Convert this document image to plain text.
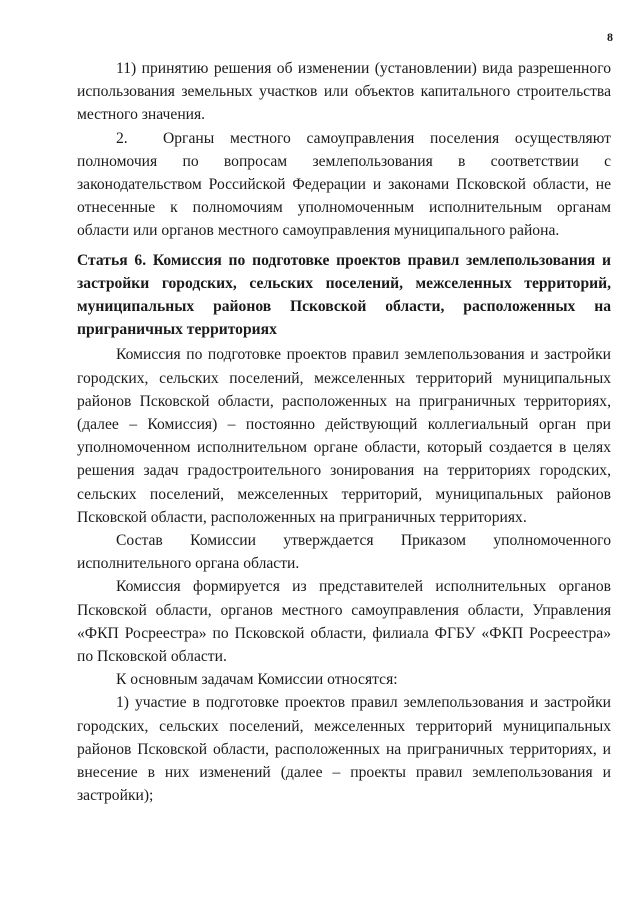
8

11) принятию решения об изменении (установлении) вида разрешенного использования земельных участков или объектов капитального строительства местного значения.

2. Органы местного самоуправления поселения осуществляют полномочия по вопросам землепользования в соответствии с законодательством Российской Федерации и законами Псковской области, не отнесенные к полномочиям уполномоченным исполнительным органам области или органов местного самоуправления муниципального района.

Статья 6. Комиссия по подготовке проектов правил землепользования и застройки городских, сельских поселений, межселенных территорий, муниципальных районов Псковской области, расположенных на приграничных территориях

Комиссия по подготовке проектов правил землепользования и застройки городских, сельских поселений, межселенных территорий муниципальных районов Псковской области, расположенных на приграничных территориях, (далее – Комиссия) – постоянно действующий коллегиальный орган при уполномоченном исполнительном органе области, который создается в целях решения задач градостроительного зонирования на территориях городских, сельских поселений, межселенных территорий, муниципальных районов Псковской области, расположенных на приграничных территориях.

Состав Комиссии утверждается Приказом уполномоченного исполнительного органа области.

Комиссия формируется из представителей исполнительных органов Псковской области, органов местного самоуправления области, Управления «ФКП Росреестра» по Псковской области, филиала ФГБУ «ФКП Росреестра» по Псковской области.

К основным задачам Комиссии относятся:

1) участие в подготовке проектов правил землепользования и застройки городских, сельских поселений, межселенных территорий муниципальных районов Псковской области, расположенных на приграничных территориях, и внесение в них изменений (далее – проекты правил землепользования и застройки);
